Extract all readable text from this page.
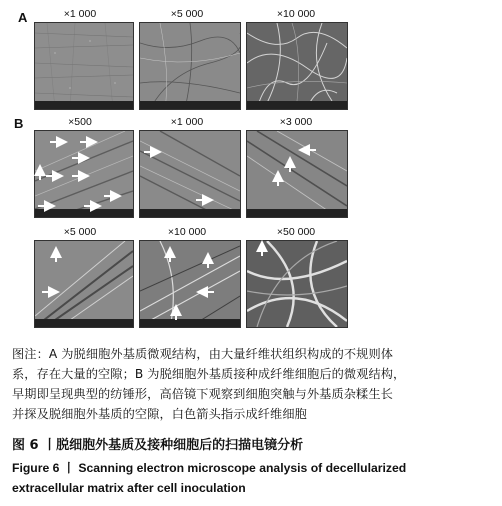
A	×1 000	×5 000	×10 000
B	×500	×1 000	×3 000
×5 000	×10 000	×50 000
图注：A 为脱细胞外基质微观结构，由大量纤维状组织构成的不规则体
系，存在大量的空隙；B 为脱细胞外基质接种成纤维细胞后的微观结构，
早期即呈现典型的纺锤形，高倍镜下观察到细胞突触与外基质杂糅生长
并探及脱细胞外基质的空隙，白色箭头指示成纤维细胞
图 6 丨脱细胞外基质及接种细胞后的扫描电镜分析
Figure 6 丨 Scanning electron microscope analysis of decellularized
extracellular matrix after cell inoculation
